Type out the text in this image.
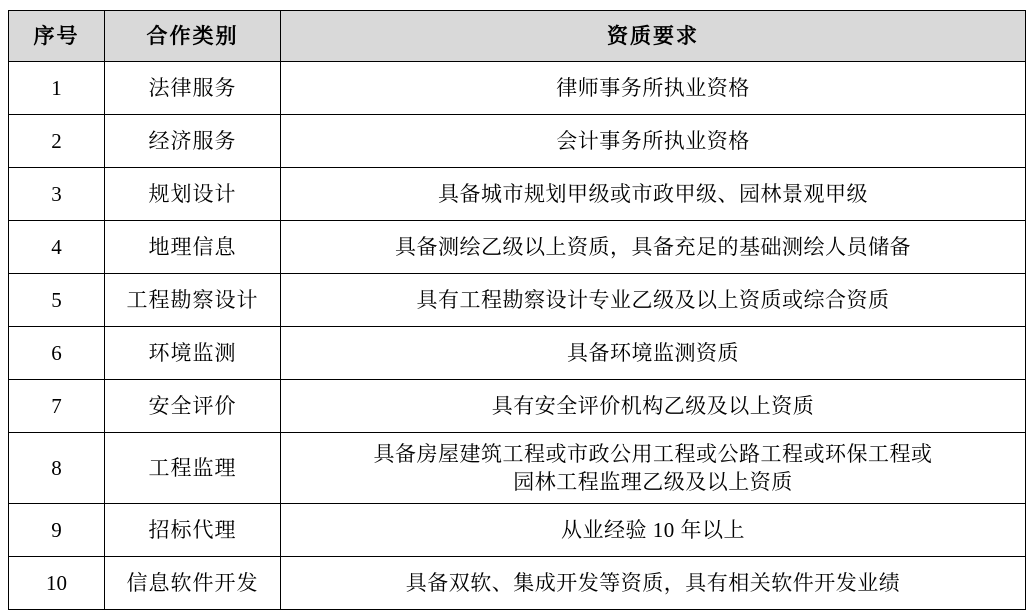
序号	合作类别	资质要求
1	法律服务	律师事务所执业资格

2	经济服务	会计事务所执业资格

3	规划设计	具备城市规划甲级或市政甲级、园林景观甲级

4	地理信息	具备测绘乙级以上资质，具备充足的基础测绘人员储备

5	工程勘察设计	具有工程勘察设计专业乙级及以上资质或综合资质

6	环境监测	具备环境监测资质

7	安全评价	具有安全评价机构乙级及以上资质

8	工程监理	具备房屋建筑工程或市政公用工程或公路工程或环保工程或
园林工程监理乙级及以上资质

9	招标代理	从业经验 10 年以上

10	信息软件开发	具备双软、集成开发等资质，具有相关软件开发业绩
